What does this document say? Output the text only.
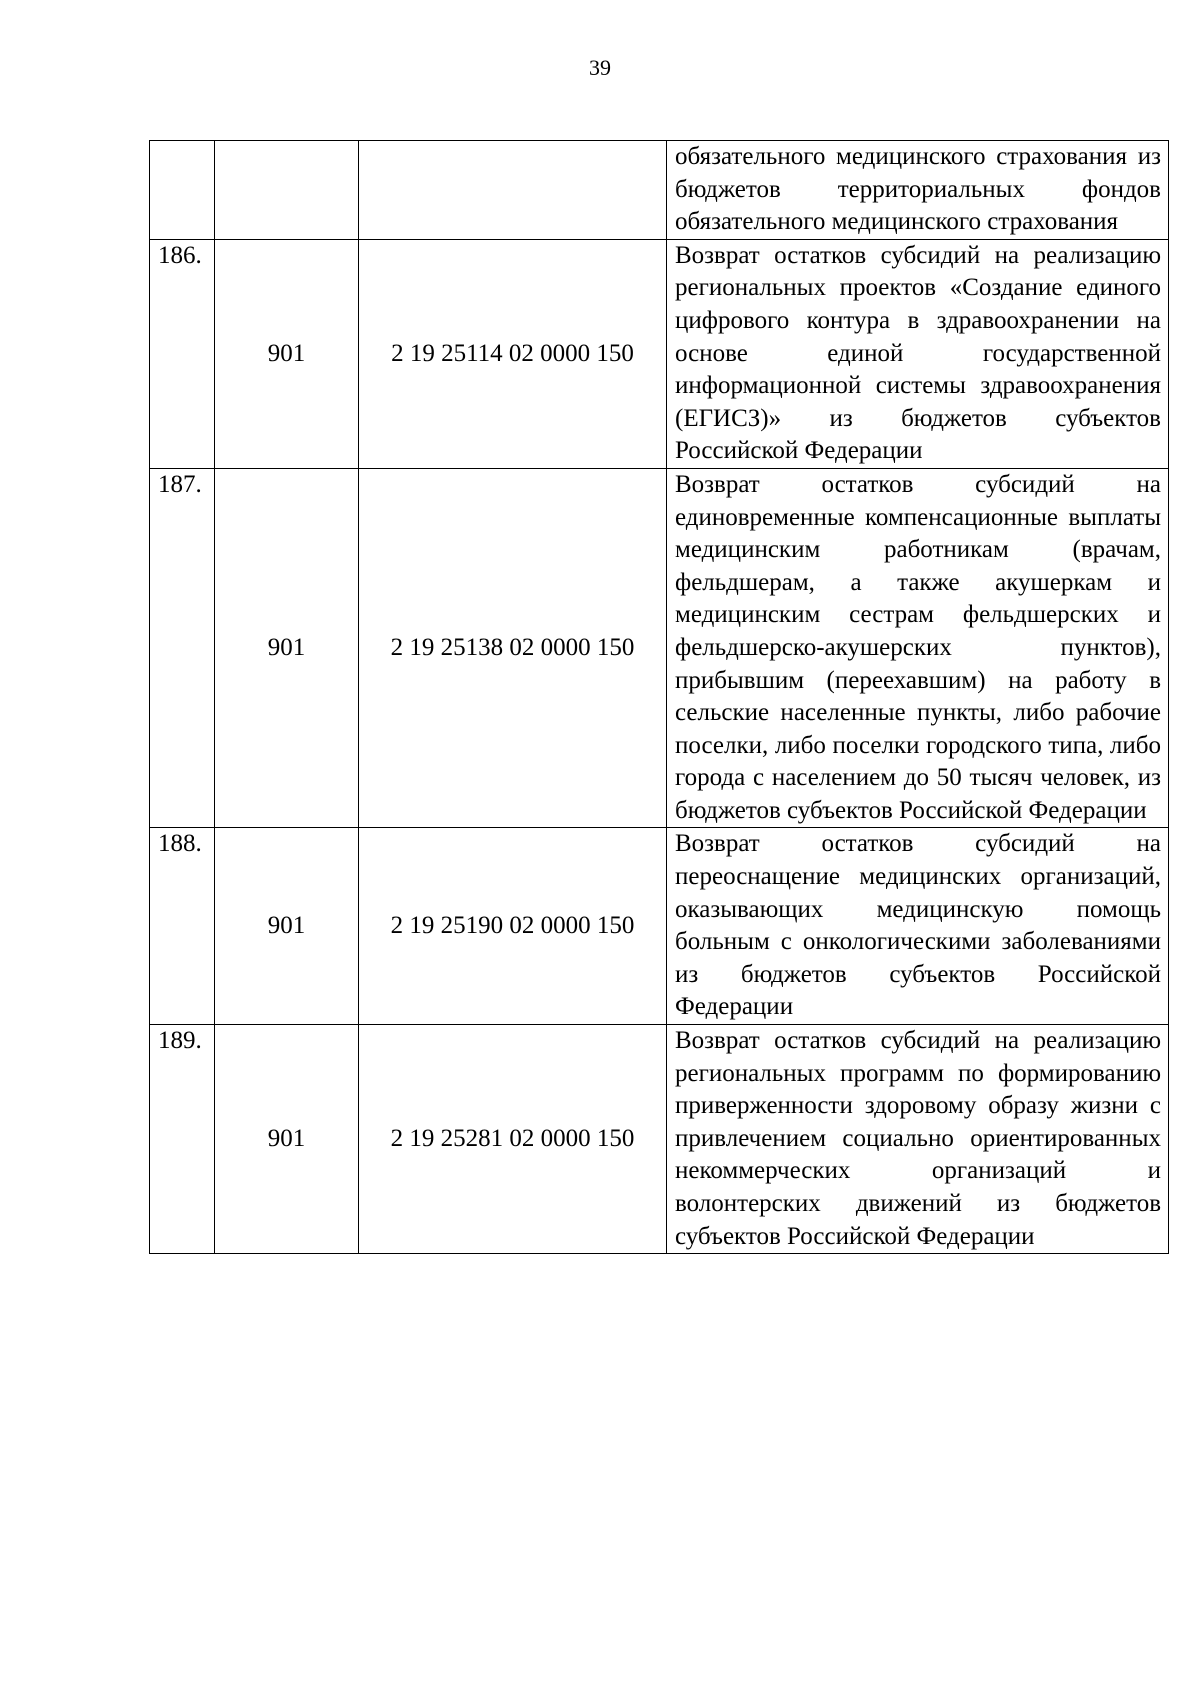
39
			обязательного медицинского страхования из бюджетов территориальных фондов обязательного медицинского страхования
186.	901	2 19 25114 02 0000 150	Возврат остатков субсидий на реализацию региональных проектов «Создание единого цифрового контура в здравоохранении на основе единой государственной информационной системы здравоохранения (ЕГИСЗ)» из бюджетов субъектов Российской Федерации
187.	901	2 19 25138 02 0000 150	Возврат остатков субсидий на единовременные компенсационные выплаты медицинским работникам (врачам, фельдшерам, а также акушеркам и медицинским сестрам фельдшерских и фельдшерско-акушерских пунктов), прибывшим (переехавшим) на работу в сельские населенные пункты, либо рабочие поселки, либо поселки городского типа, либо города с населением до 50 тысяч человек, из бюджетов субъектов Российской Федерации
188.	901	2 19 25190 02 0000 150	Возврат остатков субсидий на переоснащение медицинских организаций, оказывающих медицинскую помощь больным с онкологическими заболеваниями из бюджетов субъектов Российской Федерации
189.	901	2 19 25281 02 0000 150	Возврат остатков субсидий на реализацию региональных программ по формированию приверженности здоровому образу жизни с привлечением социально ориентированных некоммерческих организаций и волонтерских движений из бюджетов субъектов Российской Федерации
